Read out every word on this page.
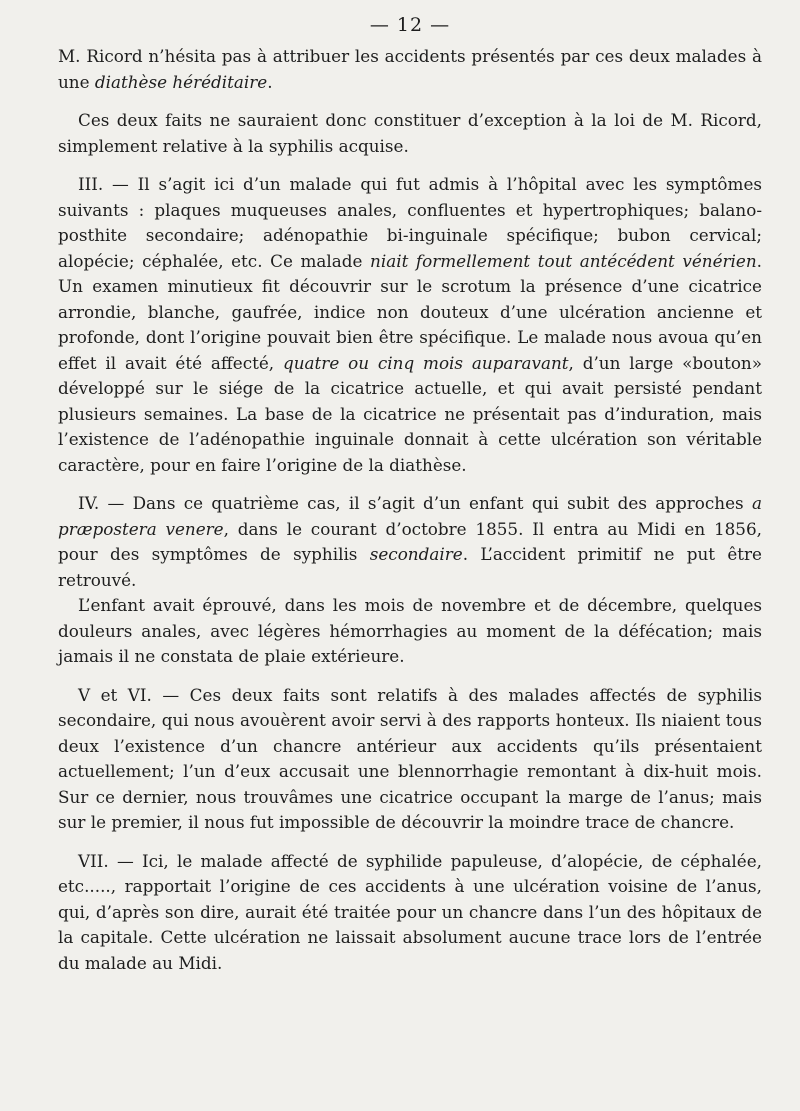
— 12 —

M. Ricord n’hésita pas à attribuer les accidents présentés par ces deux malades à une diathèse héréditaire.

Ces deux faits ne sauraient donc constituer d’exception à la loi de M. Ricord, simplement relative à la syphilis acquise.

III. — Il s’agit ici d’un malade qui fut admis à l’hôpital avec les symptômes suivants : plaques muqueuses anales, confluentes et hypertrophiques; balano-posthite secondaire; adénopathie bi-inguinale spécifique; bubon cervical; alopécie; céphalée, etc. Ce malade niait formellement tout antécédent vénérien. Un examen minutieux fit découvrir sur le scrotum la présence d’une cicatrice arrondie, blanche, gaufrée, indice non douteux d’une ulcération ancienne et profonde, dont l’origine pouvait bien être spécifique. Le malade nous avoua qu’en effet il avait été affecté, quatre ou cinq mois auparavant, d’un large «bouton» développé sur le siége de la cicatrice actuelle, et qui avait persisté pendant plusieurs semaines. La base de la cicatrice ne présentait pas d’induration, mais l’existence de l’adénopathie inguinale donnait à cette ulcération son véritable caractère, pour en faire l’origine de la diathèse.

IV. — Dans ce quatrième cas, il s’agit d’un enfant qui subit des approches a præpostera venere, dans le courant d’octobre 1855. Il entra au Midi en 1856, pour des symptômes de syphilis secondaire. L’accident primitif ne put être retrouvé.

L’enfant avait éprouvé, dans les mois de novembre et de décembre, quelques douleurs anales, avec légères hémorrhagies au moment de la défécation; mais jamais il ne constata de plaie extérieure.

V et VI. — Ces deux faits sont relatifs à des malades affectés de syphilis secondaire, qui nous avouèrent avoir servi à des rapports honteux. Ils niaient tous deux l’existence d’un chancre antérieur aux accidents qu’ils présentaient actuellement; l’un d’eux accusait une blennorrhagie remontant à dix-huit mois. Sur ce dernier, nous trouvâmes une cicatrice occupant la marge de l’anus; mais sur le premier, il nous fut impossible de découvrir la moindre trace de chancre.

VII. — Ici, le malade affecté de syphilide papuleuse, d’alopécie, de céphalée, etc....., rapportait l’origine de ces accidents à une ulcération voisine de l’anus, qui, d’après son dire, aurait été traitée pour un chancre dans l’un des hôpitaux de la capitale. Cette ulcération ne laissait absolument aucune trace lors de l’entrée du malade au Midi.
